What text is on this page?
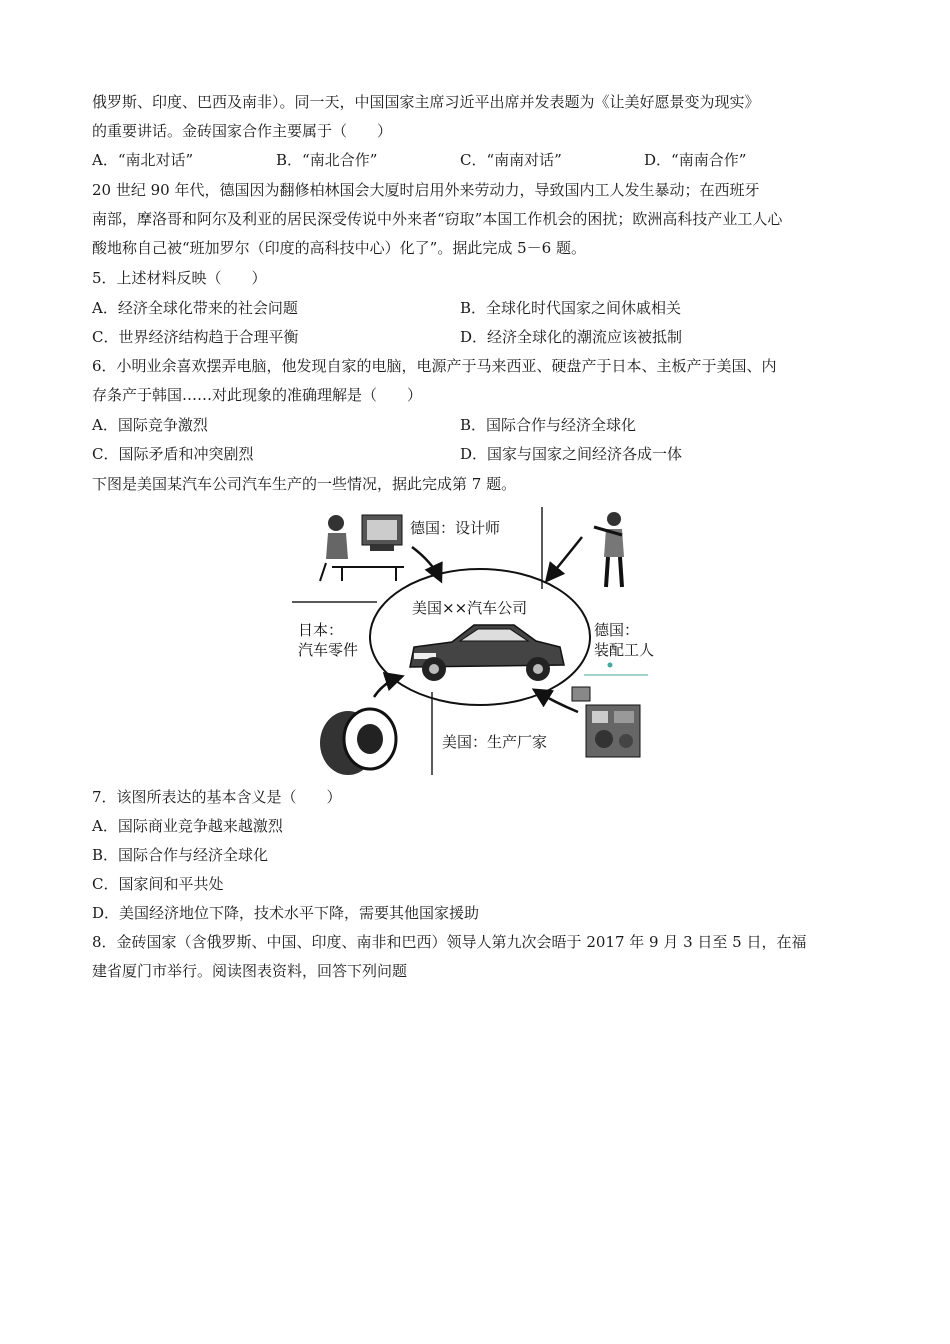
俄罗斯、印度、巴西及南非）。同一天，中国国家主席习近平出席并发表题为《让美好愿景变为现实》
的重要讲话。金砖国家合作主要属于（　　）
A．“南北对话”	B．“南北合作”	C．“南南对话”	D．“南南合作”
20 世纪 90 年代，德国因为翻修柏林国会大厦时启用外来劳动力，导致国内工人发生暴动；在西班牙
南部，摩洛哥和阿尔及利亚的居民深受传说中外来者“窃取”本国工作机会的困扰；欧洲高科技产业工人心
酸地称自己被“班加罗尔（印度的高科技中心）化了”。据此完成 5－6 题。
5．上述材料反映（　　）
A．经济全球化带来的社会问题	B．全球化时代国家之间休戚相关
C．世界经济结构趋于合理平衡	D．经济全球化的潮流应该被抵制
6．小明业余喜欢摆弄电脑，他发现自家的电脑，电源产于马来西亚、硬盘产于日本、主板产于美国、内
存条产于韩国……对此现象的准确理解是（　　）
A．国际竞争激烈	B．国际合作与经济全球化
C．国际矛盾和冲突剧烈	D．国家与国家之间经济各成一体
下图是美国某汽车公司汽车生产的一些情况，据此完成第 7 题。
德国：设计师
美国××汽车公司
日本：
汽车零件
德国：
装配工人
美国：生产厂家
7．该图所表达的基本含义是（　　）
A．国际商业竞争越来越激烈
B．国际合作与经济全球化
C．国家间和平共处
D．美国经济地位下降，技术水平下降，需要其他国家援助
8．金砖国家（含俄罗斯、中国、印度、南非和巴西）领导人第九次会晤于 2017 年 9 月 3 日至 5 日，在福
建省厦门市举行。阅读图表资料，回答下列问题
